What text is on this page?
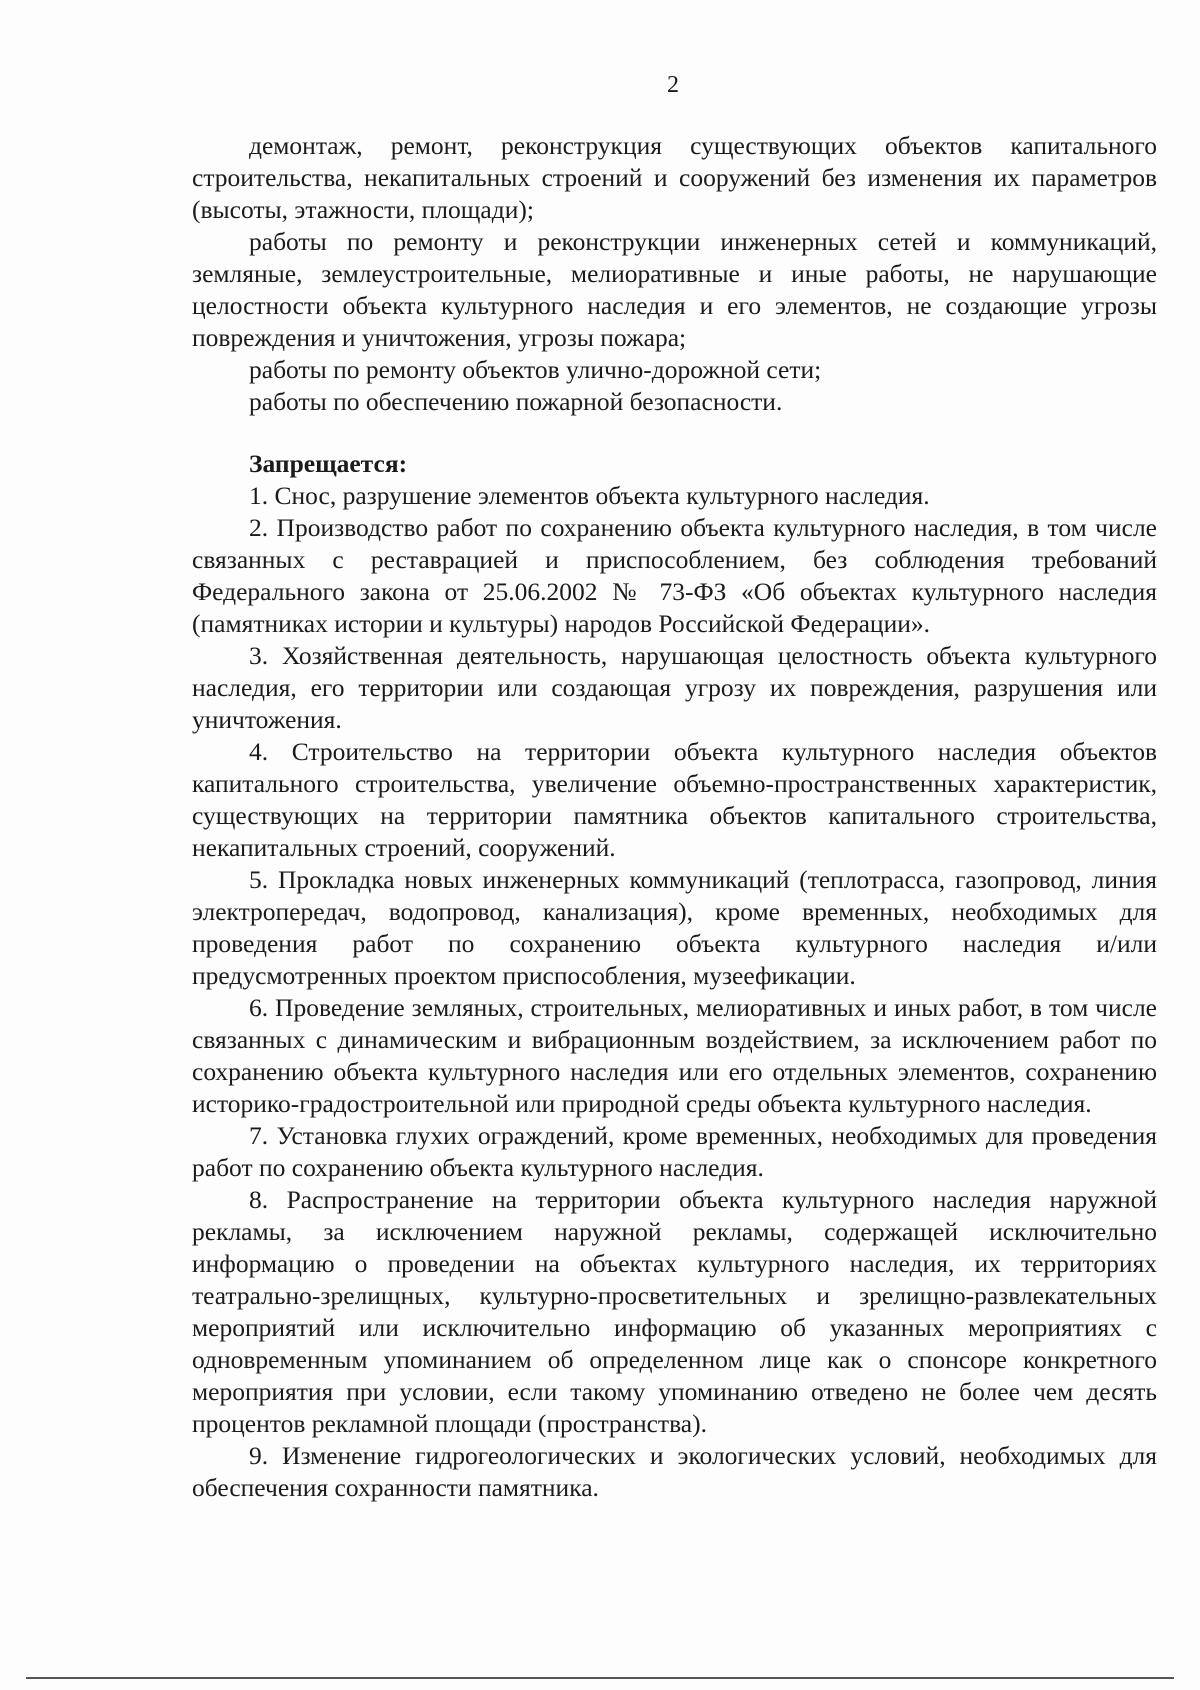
2

демонтаж, ремонт, реконструкция существующих объектов капитального строительства, некапитальных строений и сооружений без изменения их параметров (высоты, этажности, площади);

работы по ремонту и реконструкции инженерных сетей и коммуникаций, земляные, землеустроительные, мелиоративные и иные работы, не нарушающие целостности объекта культурного наследия и его элементов, не создающие угрозы повреждения и уничтожения, угрозы пожара;

работы по ремонту объектов улично-дорожной сети;

работы по обеспечению пожарной безопасности.

Запрещается:

1. Снос, разрушение элементов объекта культурного наследия.

2. Производство работ по сохранению объекта культурного наследия, в том числе связанных с реставрацией и приспособлением, без соблюдения требований Федерального закона от 25.06.2002 № 73-ФЗ «Об объектах культурного наследия (памятниках истории и культуры) народов Российской Федерации».

3. Хозяйственная деятельность, нарушающая целостность объекта культурного наследия, его территории или создающая угрозу их повреждения, разрушения или уничтожения.

4. Строительство на территории объекта культурного наследия объектов капитального строительства, увеличение объемно-пространственных характеристик, существующих на территории памятника объектов капитального строительства, некапитальных строений, сооружений.

5. Прокладка новых инженерных коммуникаций (теплотрасса, газопровод, линия электропередач, водопровод, канализация), кроме временных, необходимых для проведения работ по сохранению объекта культурного наследия и/или предусмотренных проектом приспособления, музеефикации.

6. Проведение земляных, строительных, мелиоративных и иных работ, в том числе связанных с динамическим и вибрационным воздействием, за исключением работ по сохранению объекта культурного наследия или его отдельных элементов, сохранению историко-градостроительной или природной среды объекта культурного наследия.

7. Установка глухих ограждений, кроме временных, необходимых для проведения работ по сохранению объекта культурного наследия.

8. Распространение на территории объекта культурного наследия наружной рекламы, за исключением наружной рекламы, содержащей исключительно информацию о проведении на объектах культурного наследия, их территориях театрально-зрелищных, культурно-просветительных и зрелищно-развлекательных мероприятий или исключительно информацию об указанных мероприятиях с одновременным упоминанием об определенном лице как о спонсоре конкретного мероприятия при условии, если такому упоминанию отведено не более чем десять процентов рекламной площади (пространства).

9. Изменение гидрогеологических и экологических условий, необходимых для обеспечения сохранности памятника.
